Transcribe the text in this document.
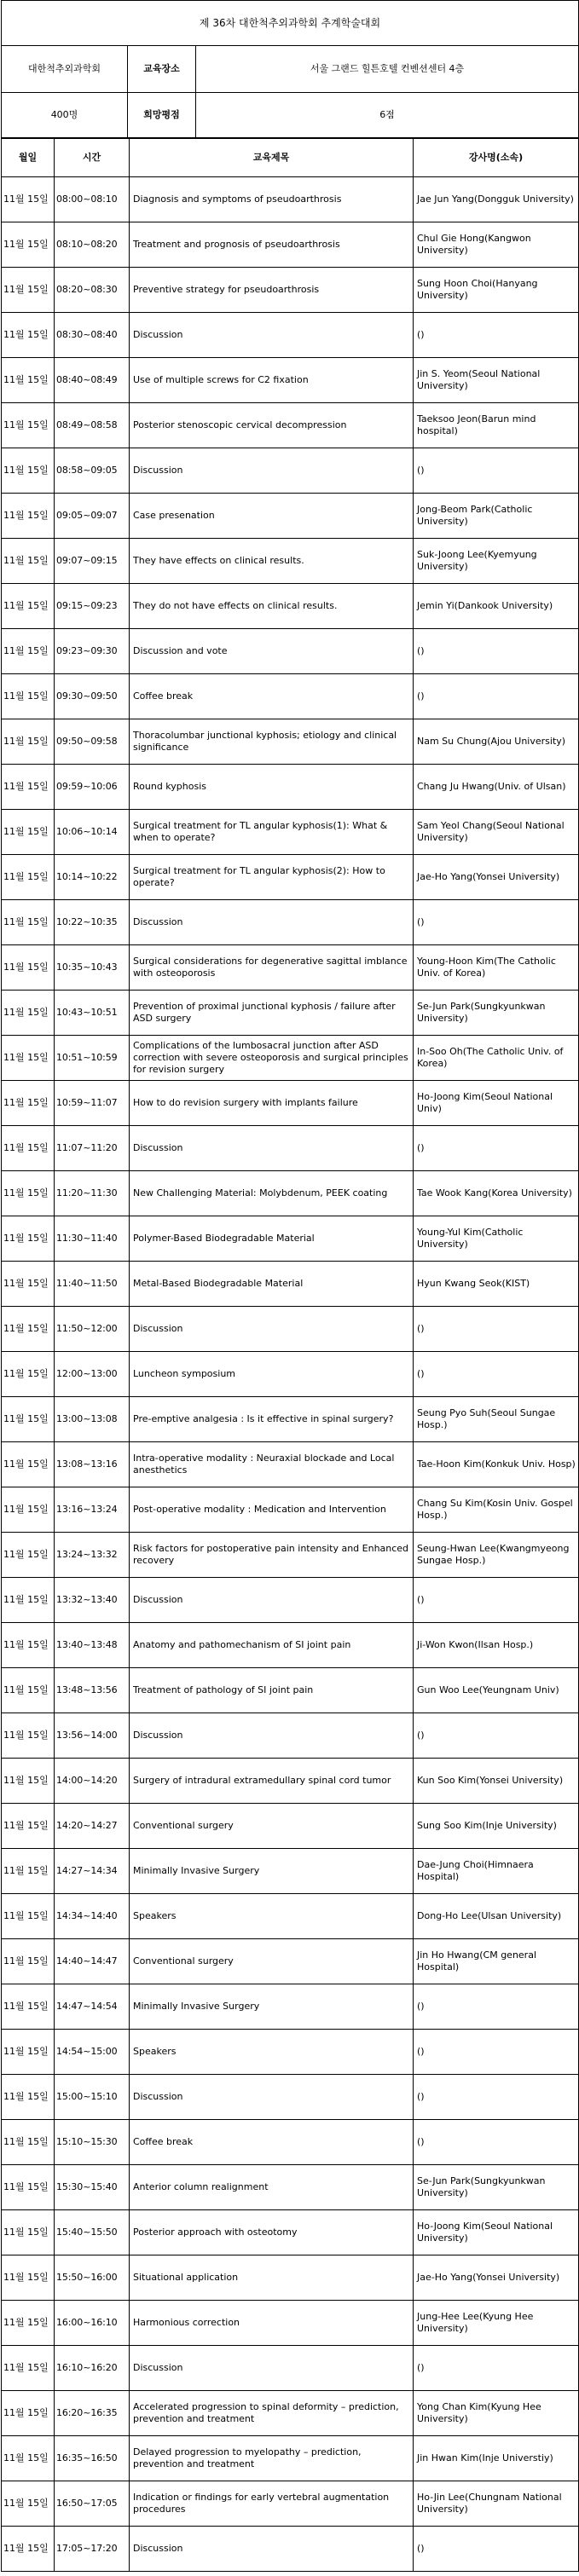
제 36차 대한척추외과학회 추계학술대회		
대한척추외과학회	교육장소	서울 그랜드 힐튼호텔 컨벤션센터 4층
400명	희망평점	6점
월일	시간	교육제목	강사명(소속)
11월 15일	08:00~08:10	Diagnosis and symptoms of pseudoarthrosis	Jae Jun Yang(Dongguk University)
11월 15일	08:10~08:20	Treatment and prognosis of pseudoarthrosis	Chul Gie Hong(Kangwon University)
11월 15일	08:20~08:30	Preventive strategy for pseudoarthrosis	Sung Hoon Choi(Hanyang University)
11월 15일	08:30~08:40	Discussion	()
11월 15일	08:40~08:49	Use of multiple screws for C2 fixation	Jin S. Yeom(Seoul National University)
11월 15일	08:49~08:58	Posterior stenoscopic cervical decompression	Taeksoo Jeon(Barun mind hospital)
11월 15일	08:58~09:05	Discussion	()
11월 15일	09:05~09:07	Case presenation	Jong-Beom Park(Catholic University)
11월 15일	09:07~09:15	They have effects on clinical results.	Suk-Joong Lee(Kyemyung University)
11월 15일	09:15~09:23	They do not have effects on clinical results.	Jemin Yi(Dankook University)
11월 15일	09:23~09:30	Discussion and vote	()
11월 15일	09:30~09:50	Coffee break	()
11월 15일	09:50~09:58	Thoracolumbar junctional kyphosis; etiology and clinical significance	Nam Su Chung(Ajou University)
11월 15일	09:59~10:06	Round kyphosis	Chang Ju Hwang(Univ. of Ulsan)
11월 15일	10:06~10:14	Surgical treatment for TL angular kyphosis(1): What & when to operate?	Sam Yeol Chang(Seoul National University)
11월 15일	10:14~10:22	Surgical treatment for TL angular kyphosis(2): How to operate?	Jae-Ho Yang(Yonsei University)
11월 15일	10:22~10:35	Discussion	()
11월 15일	10:35~10:43	Surgical considerations for degenerative sagittal imblance with osteoporosis	Young-Hoon Kim(The Catholic Univ. of Korea)
11월 15일	10:43~10:51	Prevention of proximal junctional kyphosis / failure after ASD surgery	Se-Jun Park(Sungkyunkwan University)
11월 15일	10:51~10:59	Complications of the lumbosacral junction after ASD correction with severe osteoporosis and surgical principles for revision surgery	In-Soo Oh(The Catholic Univ. of Korea)
11월 15일	10:59~11:07	How to do revision surgery with implants failure	Ho-Joong Kim(Seoul National Univ)
11월 15일	11:07~11:20	Discussion	()
11월 15일	11:20~11:30	New Challenging Material: Molybdenum, PEEK coating	Tae Wook Kang(Korea University)
11월 15일	11:30~11:40	Polymer-Based Biodegradable Material	Young-Yul Kim(Catholic University)
11월 15일	11:40~11:50	Metal-Based Biodegradable Material	Hyun Kwang Seok(KIST)
11월 15일	11:50~12:00	Discussion	()
11월 15일	12:00~13:00	Luncheon symposium	()
11월 15일	13:00~13:08	Pre-emptive analgesia : Is it effective in spinal surgery?	Seung Pyo Suh(Seoul Sungae Hosp.)
11월 15일	13:08~13:16	Intra-operative modality : Neuraxial blockade and Local anesthetics	Tae-Hoon Kim(Konkuk Univ. Hosp)
11월 15일	13:16~13:24	Post-operative modality : Medication and Intervention	Chang Su Kim(Kosin Univ. Gospel Hosp.)
11월 15일	13:24~13:32	Risk factors for postoperative pain intensity and Enhanced recovery	Seung-Hwan Lee(Kwangmyeong Sungae Hosp.)
11월 15일	13:32~13:40	Discussion	()
11월 15일	13:40~13:48	Anatomy and pathomechanism of SI joint pain	Ji-Won Kwon(Ilsan Hosp.)
11월 15일	13:48~13:56	Treatment of pathology of SI joint pain	Gun Woo Lee(Yeungnam Univ)
11월 15일	13:56~14:00	Discussion	()
11월 15일	14:00~14:20	Surgery of intradural extramedullary spinal cord tumor	Kun Soo Kim(Yonsei University)
11월 15일	14:20~14:27	Conventional surgery	Sung Soo Kim(Inje University)
11월 15일	14:27~14:34	Minimally Invasive Surgery	Dae-Jung Choi(Himnaera Hospital)
11월 15일	14:34~14:40	Speakers	Dong-Ho Lee(Ulsan University)
11월 15일	14:40~14:47	Conventional surgery	Jin Ho Hwang(CM general Hospital)
11월 15일	14:47~14:54	Minimally Invasive Surgery	()
11월 15일	14:54~15:00	Speakers	()
11월 15일	15:00~15:10	Discussion	()
11월 15일	15:10~15:30	Coffee break	()
11월 15일	15:30~15:40	Anterior column realignment	Se-Jun Park(Sungkyunkwan University)
11월 15일	15:40~15:50	Posterior approach with osteotomy	Ho-Joong Kim(Seoul National University)
11월 15일	15:50~16:00	Situational application	Jae-Ho Yang(Yonsei University)
11월 15일	16:00~16:10	Harmonious correction	Jung-Hee Lee(Kyung Hee University)
11월 15일	16:10~16:20	Discussion	()
11월 15일	16:20~16:35	Accelerated progression to spinal deformity – prediction, prevention and treatment	Yong Chan Kim(Kyung Hee University)
11월 15일	16:35~16:50	Delayed progression to myelopathy – prediction, prevention and treatment	Jin Hwan Kim(Inje Universtiy)
11월 15일	16:50~17:05	Indication or findings for early vertebral augmentation procedures	Ho-Jin Lee(Chungnam National University)
11월 15일	17:05~17:20	Discussion	()
